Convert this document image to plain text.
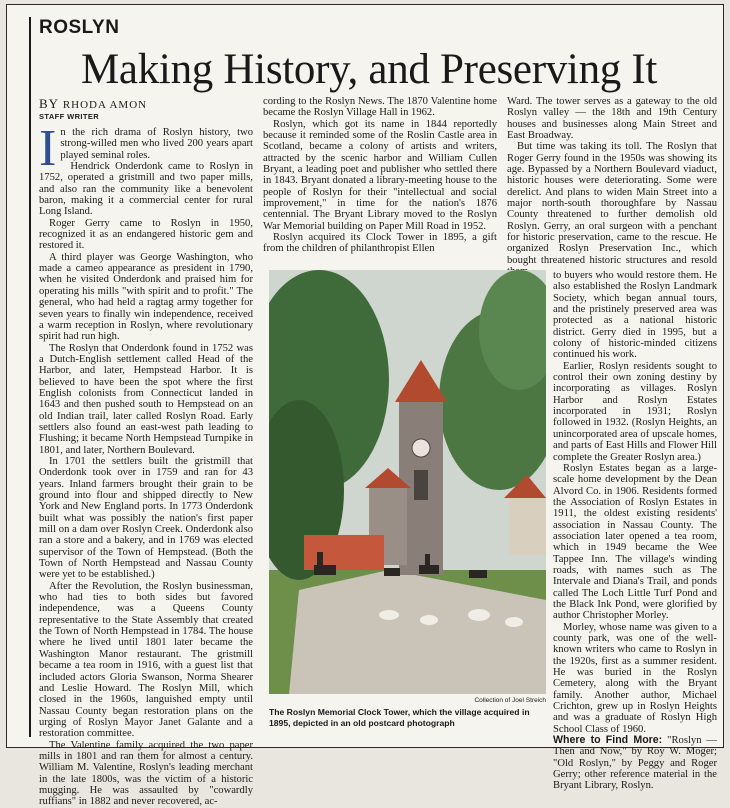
ROSLYN
Making History, and Preserving It
BY RHODA AMON
STAFF WRITER

In the rich drama of Roslyn history, two strong-willed men who lived 200 years apart played seminal roles.

Hendrick Onderdonk came to Roslyn in 1752, operated a gristmill and two paper mills, and also ran the community like a benevolent baron, making it a commercial center for rural Long Island.

Roger Gerry came to Roslyn in 1950, recognized it as an endangered historic gem and restored it.

A third player was George Washington, who made a cameo appearance as president in 1790, when he visited Onderdonk and praised him for operating his mills "with spirit and to profit." The general, who had held a ragtag army together for seven years to finally win independence, received a warm reception in Roslyn, where revolutionary spirit had run high.

The Roslyn that Onderdonk found in 1752 was a Dutch-English settlement called Head of the Harbor, and later, Hempstead Harbor. It is believed to have been the spot where the first English colonists from Connecticut landed in 1643 and then pushed south to Hempstead on an old Indian trail, later called Roslyn Road. Early settlers also found an east-west path leading to Flushing; it became North Hempstead Turnpike in 1801, and later, Northern Boulevard.

In 1701 the settlers built the gristmill that Onderdonk took over in 1759 and ran for 43 years. Inland farmers brought their grain to be ground into flour and shipped directly to New York and New England ports. In 1773 Onderdonk built what was possibly the nation's first paper mill on a dam over Roslyn Creek. Onderdonk also ran a store and a bakery, and in 1769 was elected supervisor of the Town of Hempstead. (Both the Town of North Hempstead and Nassau County were yet to be established.)

After the Revolution, the Roslyn businessman, who had ties to both sides but favored independence, was a Queens County representative to the State Assembly that created the Town of North Hempstead in 1784. The house where he lived until 1801 later became the Washington Manor restaurant. The gristmill became a tea room in 1916, with a guest list that included actors Gloria Swanson, Norma Shearer and Leslie Howard. The Roslyn Mill, which closed in the 1960s, languished empty until Nassau County began restoration plans on the urging of Roslyn Mayor Janet Galante and a restoration committee.

The Valentine family acquired the two paper mills in 1801 and ran them for almost a century. William M. Valentine, Roslyn's leading merchant in the late 1800s, was the victim of a historic mugging. He was assaulted by "cowardly ruffians" in 1882 and never recovered, ac-

cording to the Roslyn News. The 1870 Valentine home became the Roslyn Village Hall in 1962.

Roslyn, which got its name in 1844 reportedly because it reminded some of the Roslin Castle area in Scotland, became a colony of artists and writers, attracted by the scenic harbor and William Cullen Bryant, a leading poet and publisher who settled there in 1843. Bryant donated a library-meeting house to the people of Roslyn for their "intellectual and social improvement," in time for the nation's 1876 centennial. The Bryant Library moved to the Roslyn War Memorial building on Paper Mill Road in 1952.

Roslyn acquired its Clock Tower in 1895, a gift from the children of philanthropist Ellen

Ward. The tower serves as a gateway to the old Roslyn valley — the 18th and 19th Century houses and businesses along Main Street and East Broadway.

But time was taking its toll. The Roslyn that Roger Gerry found in the 1950s was showing its age. Bypassed by a Northern Boulevard viaduct, historic houses were deteriorating. Some were derelict. And plans to widen Main Street into a major north-south thoroughfare by Nassau County threatened to further demolish old Roslyn. Gerry, an oral surgeon with a penchant for historic preservation, came to the rescue. He organized Roslyn Preservation Inc., which bought threatened historic structures and resold

Collection of Joel Streich
The Roslyn Memorial Clock Tower, which the village acquired in 1895, depicted in an old postcard photograph

to buyers who would restore them. He also established the Roslyn Landmark Society, which began annual tours, and the pristinely preserved area was protected as a national historic district. Gerry died in 1995, but a colony of historic-minded citizens continued his work.

Earlier, Roslyn residents sought to control their own zoning destiny by incorporating as villages. Roslyn Harbor and Roslyn Estates incorporated in 1931; Roslyn followed in 1932. (Roslyn Heights, an unincorporated area of upscale homes, and parts of East Hills and Flower Hill complete the Greater Roslyn area.)

Roslyn Estates began as a large-scale home development by the Dean Alvord Co. in 1906. Residents formed the Association of Roslyn Estates in 1911, the oldest existing residents' association in Nassau County. The association later opened a tea room, which in 1949 became the Wee Tappee Inn. The village's winding roads, with names such as The Intervale and Diana's Trail, and ponds called The Loch Little Turf Pond and the Black Ink Pond, were glorified by author Christopher Morley.

Morley, whose name was given to a county park, was one of the well-known writers who came to Roslyn in the 1920s, first as a summer resident. He was buried in the Roslyn Cemetery, along with the Bryant family. Another author, Michael Crichton, grew up in Roslyn Heights and was a graduate of Roslyn High School Class of 1960.

Where to Find More: "Roslyn — Then and Now," by Roy W. Moger; "Old Roslyn," by Peggy and Roger Gerry; other reference material in the Bryant Library, Roslyn.
